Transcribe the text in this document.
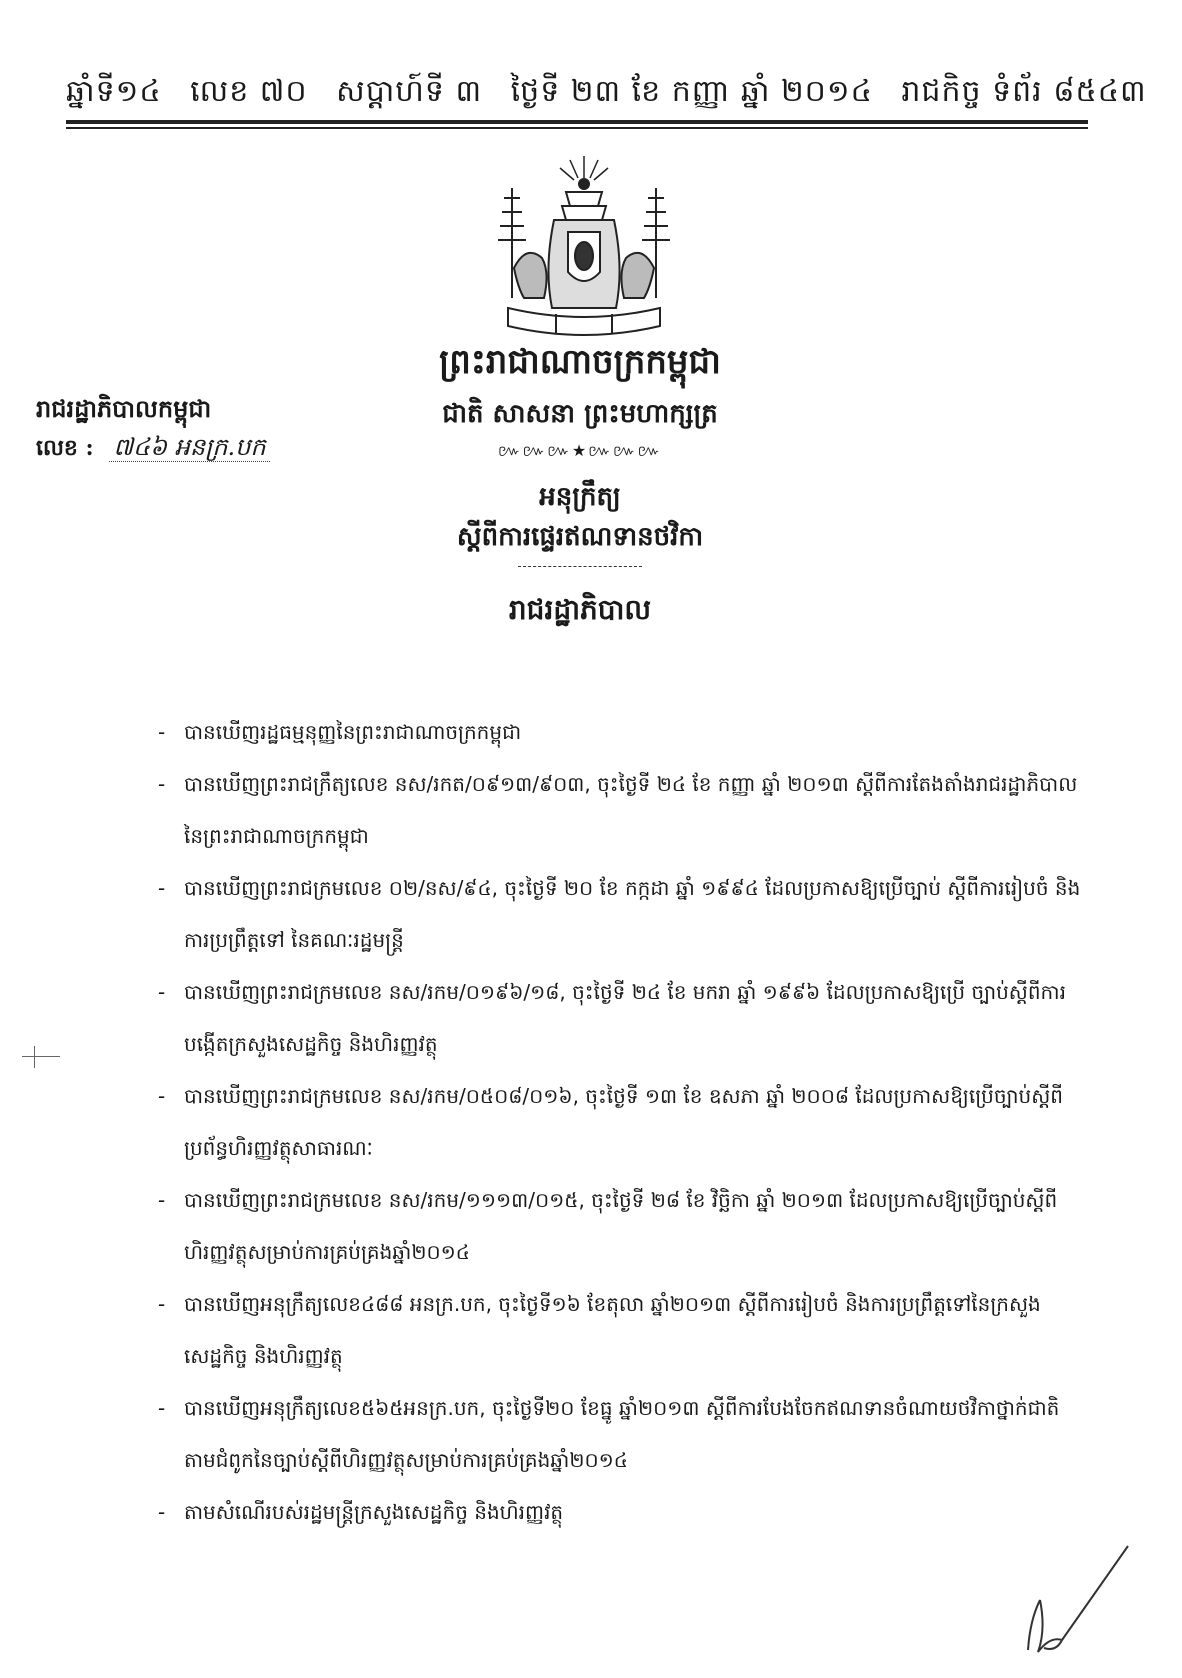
ឆ្នាំទី១៤ លេខ ៧០ សប្តាហ៍ទី ៣ ថ្ងៃទី ២៣ ខែ កញ្ញា ឆ្នាំ ២០១៤ រាជកិច្ច ទំព័រ ៨៥៤៣
ព្រះរាជាណាចក្រកម្ពុជា
ជាតិ សាសនា ព្រះមហាក្សត្រ
៚៚៚★៚៚៚
រាជរដ្ឋាភិបាលកម្ពុជា
លេខ : ៧៤៦ អនក្រ.បក
អនុក្រឹត្យ
ស្តីពីការផ្ទេរឥណទានថវិកា
រាជរដ្ឋាភិបាល
- បានឃើញរដ្ឋធម្មនុញ្ញនៃព្រះរាជាណាចក្រកម្ពុជា
- បានឃើញព្រះរាជក្រឹត្យលេខ នស/រកត/០៩១៣/៩០៣, ចុះថ្ងៃទី ២៤ ខែ កញ្ញា ឆ្នាំ ២០១៣ ស្តីពីការតែងតាំងរាជរដ្ឋាភិបាល នៃព្រះរាជាណាចក្រកម្ពុជា
- បានឃើញព្រះរាជក្រមលេខ ០២/នស/៩៤, ចុះថ្ងៃទី ២០ ខែ កក្កដា ឆ្នាំ ១៩៩៤ ដែលប្រកាសឱ្យប្រើច្បាប់ ស្តីពីការរៀបចំ និងការប្រព្រឹត្តទៅ នៃគណៈរដ្ឋមន្ត្រី
- បានឃើញព្រះរាជក្រមលេខ នស/រកម/០១៩៦/១៨, ចុះថ្ងៃទី ២៤ ខែ មករា ឆ្នាំ ១៩៩៦ ដែលប្រកាសឱ្យប្រើ ច្បាប់ស្តីពីការបង្កើតក្រសួងសេដ្ឋកិច្ច និងហិរញ្ញវត្ថុ
- បានឃើញព្រះរាជក្រមលេខ នស/រកម/០៥០៨/០១៦, ចុះថ្ងៃទី ១៣ ខែ ឧសភា ឆ្នាំ ២០០៨ ដែលប្រកាសឱ្យប្រើច្បាប់ស្តីពីប្រព័ន្ធហិរញ្ញវត្ថុសាធារណៈ
- បានឃើញព្រះរាជក្រមលេខ នស/រកម/១១១៣/០១៥, ចុះថ្ងៃទី ២៨ ខែ វិច្ឆិកា ឆ្នាំ ២០១៣ ដែលប្រកាសឱ្យប្រើច្បាប់ស្តីពី ហិរញ្ញវត្ថុសម្រាប់ការគ្រប់គ្រងឆ្នាំ២០១៤
- បានឃើញអនុក្រឹត្យលេខ៤៨៨ អនក្រ.បក, ចុះថ្ងៃទី១៦ ខែតុលា ឆ្នាំ២០១៣ ស្តីពីការរៀបចំ និងការប្រព្រឹត្តទៅនៃក្រសួងសេដ្ឋកិច្ច និងហិរញ្ញវត្ថុ
- បានឃើញអនុក្រឹត្យលេខ៥៦៥អនក្រ.បក, ចុះថ្ងៃទី២០ ខែធ្នូ ឆ្នាំ២០១៣ ស្តីពីការបែងចែកឥណទានចំណាយថវិកាថ្នាក់ជាតិតាមជំពូកនៃច្បាប់ស្តីពីហិរញ្ញវត្ថុសម្រាប់ការគ្រប់គ្រងឆ្នាំ២០១៤
- តាមសំណើរបស់រដ្ឋមន្ត្រីក្រសួងសេដ្ឋកិច្ច និងហិរញ្ញវត្ថុ
